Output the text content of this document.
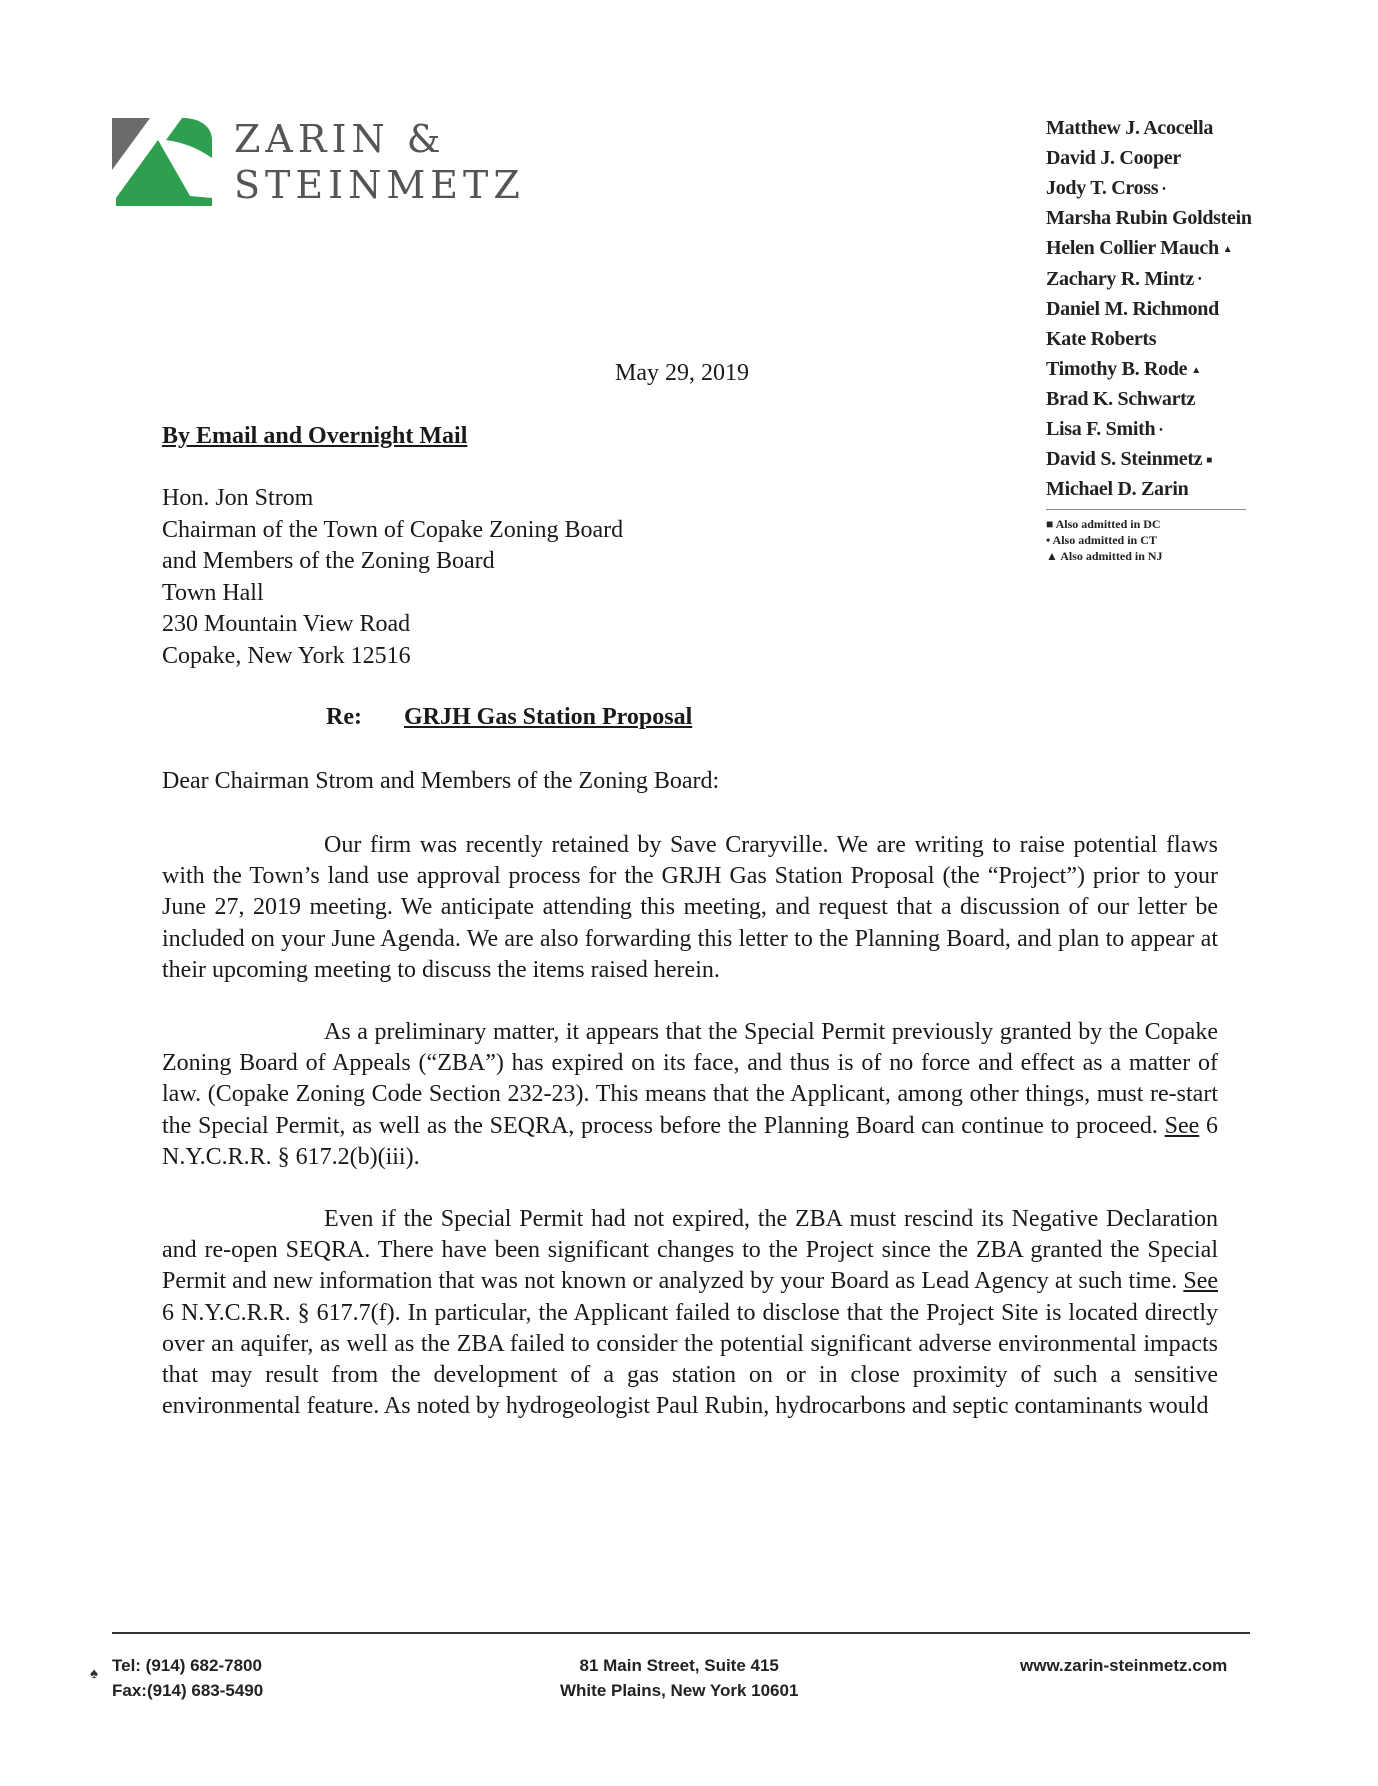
ZARIN &
STEINMETZ
Matthew J. Acocella
David J. Cooper
Jody T. Cross •
Marsha Rubin Goldstein
Helen Collier Mauch ▲
Zachary R. Mintz •
Daniel M. Richmond
Kate Roberts
Timothy B. Rode ▲
Brad K. Schwartz
Lisa F. Smith •
David S. Steinmetz ■
Michael D. Zarin
■ Also admitted in DC
• Also admitted in CT
▲ Also admitted in NJ
May 29, 2019
By Email and Overnight Mail
Hon. Jon Strom
Chairman of the Town of Copake Zoning Board
and Members of the Zoning Board
Town Hall
230 Mountain View Road
Copake, New York 12516
Re: GRJH Gas Station Proposal
Dear Chairman Strom and Members of the Zoning Board:

Our firm was recently retained by Save Craryville. We are writing to raise potential flaws with the Town’s land use approval process for the GRJH Gas Station Proposal (the “Project”) prior to your June 27, 2019 meeting. We anticipate attending this meeting, and request that a discussion of our letter be included on your June Agenda. We are also forwarding this letter to the Planning Board, and plan to appear at their upcoming meeting to discuss the items raised herein.

As a preliminary matter, it appears that the Special Permit previously granted by the Copake Zoning Board of Appeals (“ZBA”) has expired on its face, and thus is of no force and effect as a matter of law. (Copake Zoning Code Section 232-23). This means that the Applicant, among other things, must re-start the Special Permit, as well as the SEQRA, process before the Planning Board can continue to proceed. See 6 N.Y.C.R.R. § 617.2(b)(iii).

Even if the Special Permit had not expired, the ZBA must rescind its Negative Declaration and re-open SEQRA. There have been significant changes to the Project since the ZBA granted the Special Permit and new information that was not known or analyzed by your Board as Lead Agency at such time. See 6 N.Y.C.R.R. § 617.7(f). In particular, the Applicant failed to disclose that the Project Site is located directly over an aquifer, as well as the ZBA failed to consider the potential significant adverse environmental impacts that may result from the development of a gas station on or in close proximity of such a sensitive environmental feature. As noted by hydrogeologist Paul Rubin, hydrocarbons and septic contaminants would

♠ Tel: (914) 682-7800
Fax:(914) 683-5490
81 Main Street, Suite 415
White Plains, New York 10601
www.zarin-steinmetz.com
